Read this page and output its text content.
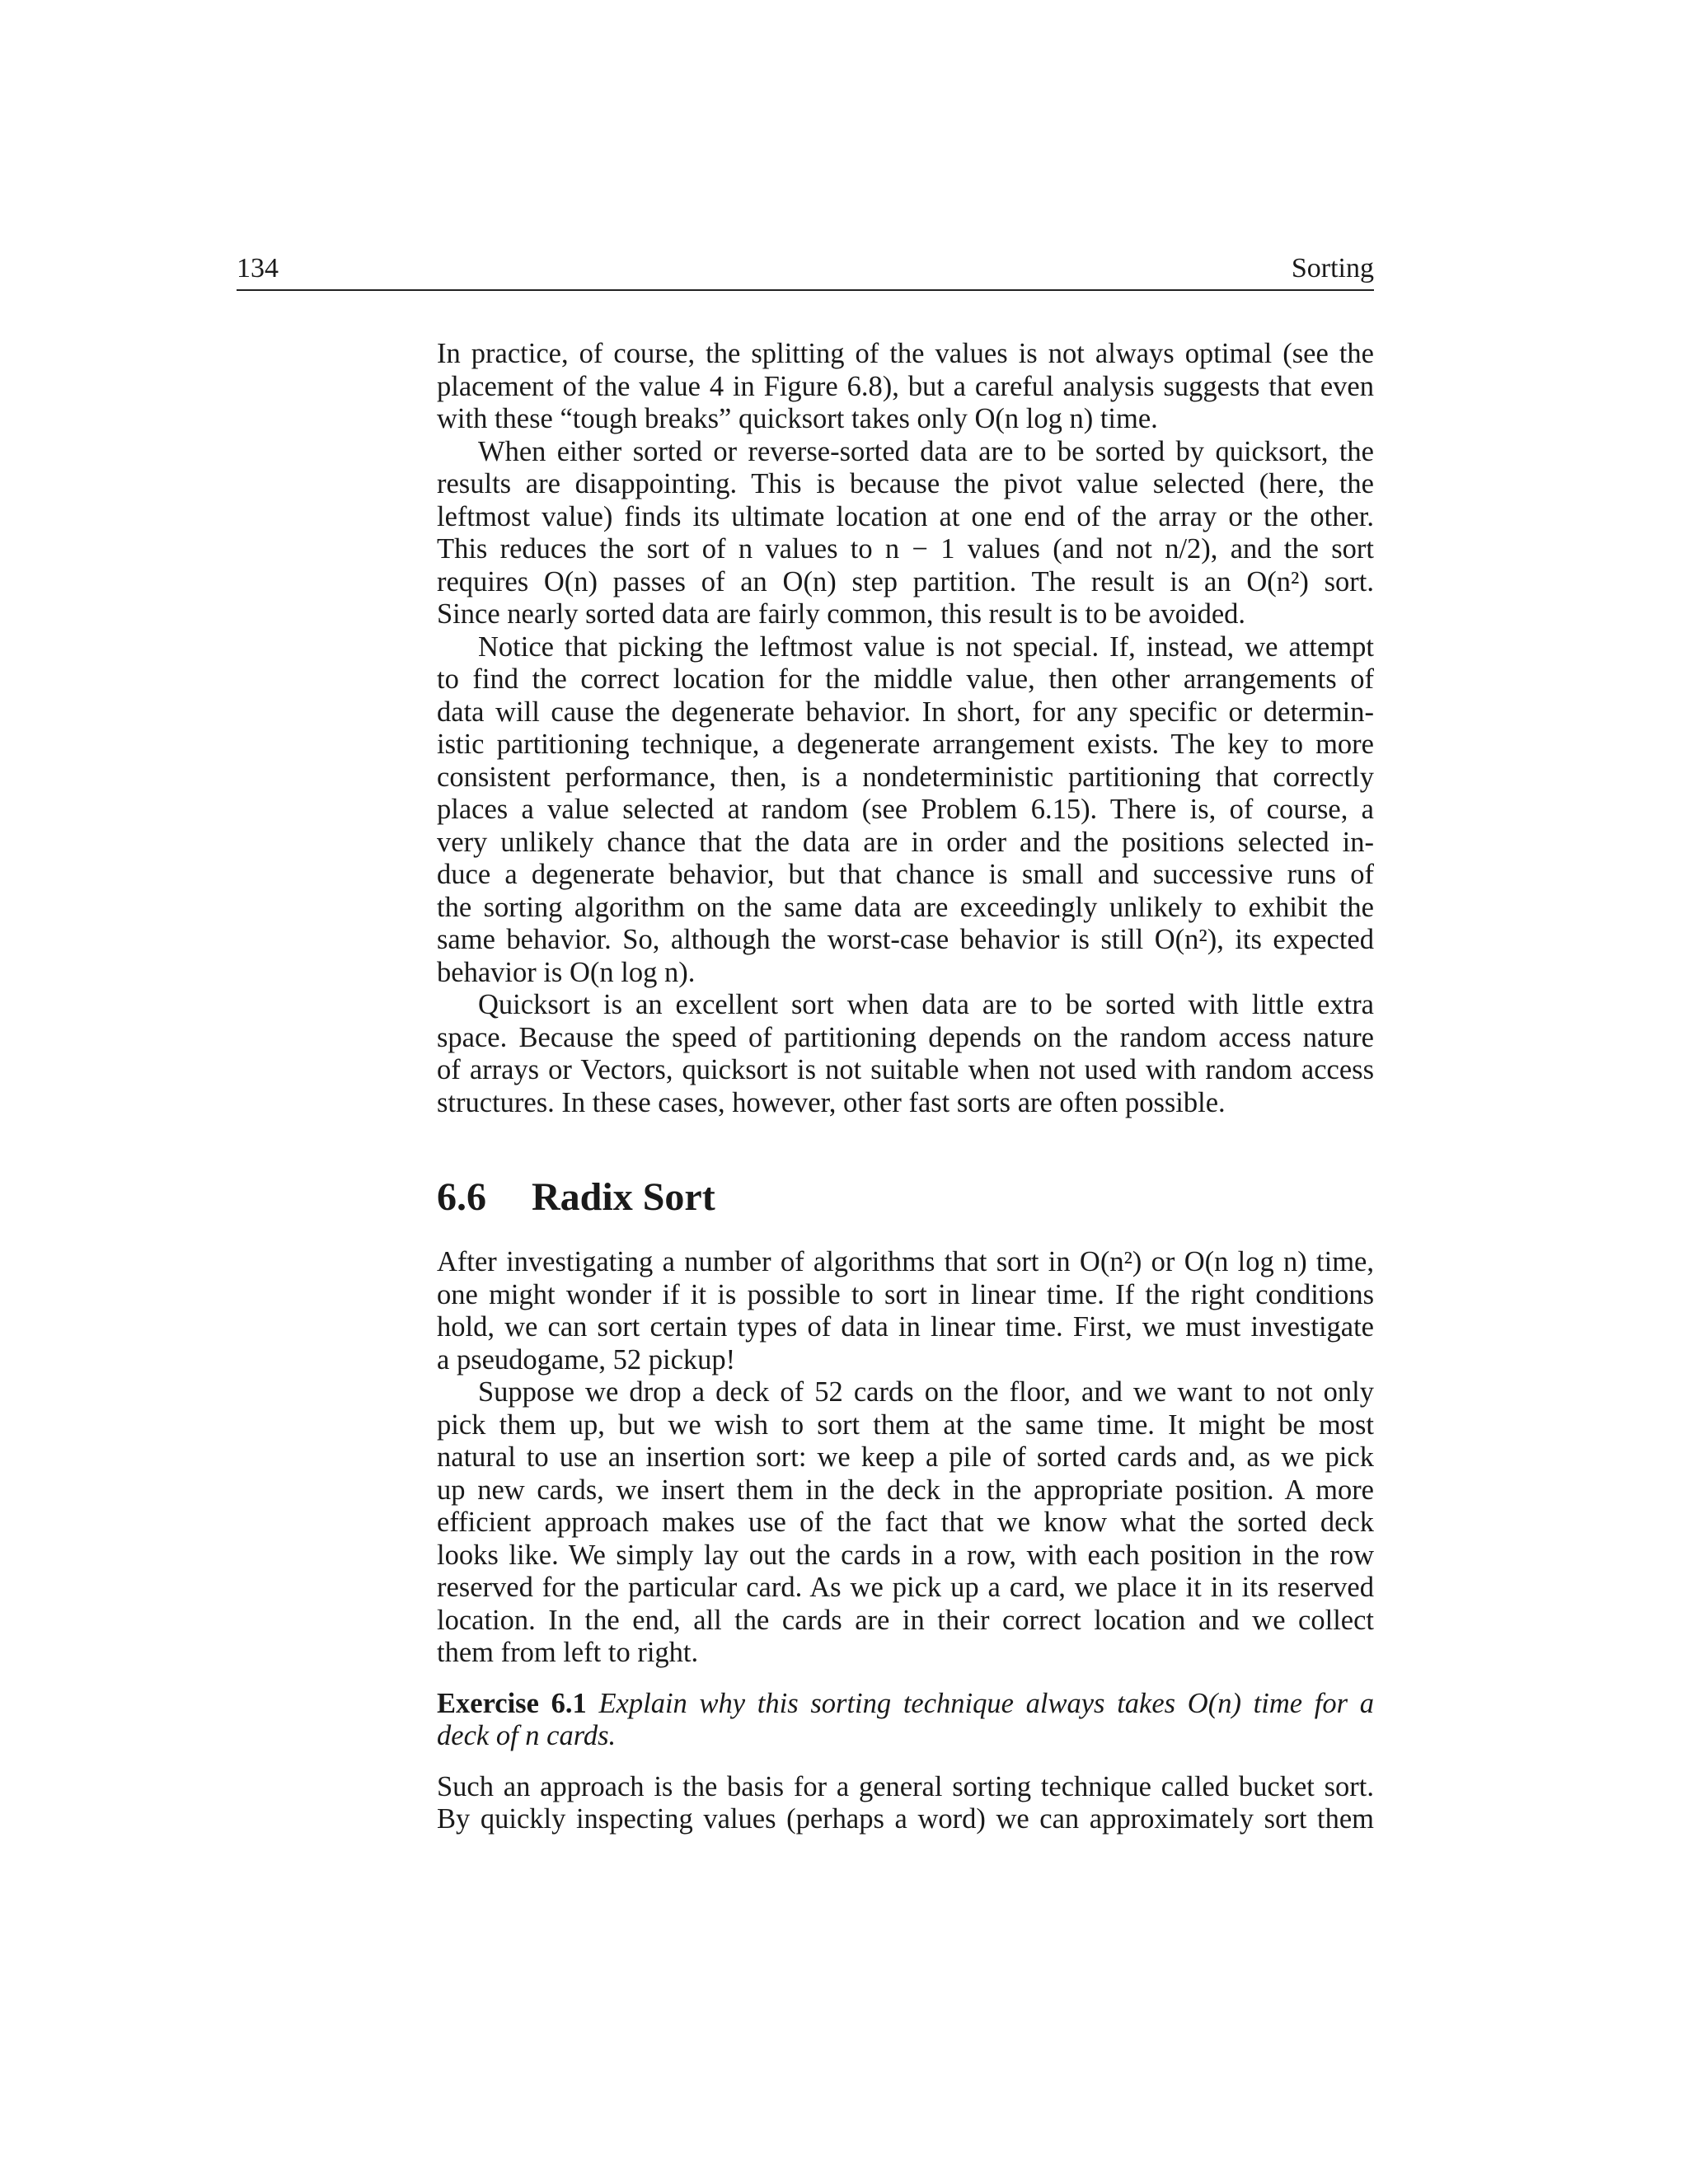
134	Sorting
In practice, of course, the splitting of the values is not always optimal (see the
placement of the value 4 in Figure 6.8), but a careful analysis suggests that even
with these “tough breaks” quicksort takes only O(n log n) time.
When either sorted or reverse-sorted data are to be sorted by quicksort, the
results are disappointing. This is because the pivot value selected (here, the
leftmost value) finds its ultimate location at one end of the array or the other.
This reduces the sort of n values to n − 1 values (and not n/2), and the sort
requires O(n) passes of an O(n) step partition. The result is an O(n²) sort.
Since nearly sorted data are fairly common, this result is to be avoided.
Notice that picking the leftmost value is not special. If, instead, we attempt
to find the correct location for the middle value, then other arrangements of
data will cause the degenerate behavior. In short, for any specific or determin-
istic partitioning technique, a degenerate arrangement exists. The key to more
consistent performance, then, is a nondeterministic partitioning that correctly
places a value selected at random (see Problem 6.15). There is, of course, a
very unlikely chance that the data are in order and the positions selected in-
duce a degenerate behavior, but that chance is small and successive runs of
the sorting algorithm on the same data are exceedingly unlikely to exhibit the
same behavior. So, although the worst-case behavior is still O(n²), its expected
behavior is O(n log n).
Quicksort is an excellent sort when data are to be sorted with little extra
space. Because the speed of partitioning depends on the random access nature
of arrays or Vectors, quicksort is not suitable when not used with random access
structures. In these cases, however, other fast sorts are often possible.
6.6 Radix Sort
After investigating a number of algorithms that sort in O(n²) or O(n log n) time,
one might wonder if it is possible to sort in linear time. If the right conditions
hold, we can sort certain types of data in linear time. First, we must investigate
a pseudogame, 52 pickup!
Suppose we drop a deck of 52 cards on the floor, and we want to not only
pick them up, but we wish to sort them at the same time. It might be most
natural to use an insertion sort: we keep a pile of sorted cards and, as we pick
up new cards, we insert them in the deck in the appropriate position. A more
efficient approach makes use of the fact that we know what the sorted deck
looks like. We simply lay out the cards in a row, with each position in the row
reserved for the particular card. As we pick up a card, we place it in its reserved
location. In the end, all the cards are in their correct location and we collect
them from left to right.
Exercise 6.1 Explain why this sorting technique always takes O(n) time for a
deck of n cards.
Such an approach is the basis for a general sorting technique called bucket sort.
By quickly inspecting values (perhaps a word) we can approximately sort them
